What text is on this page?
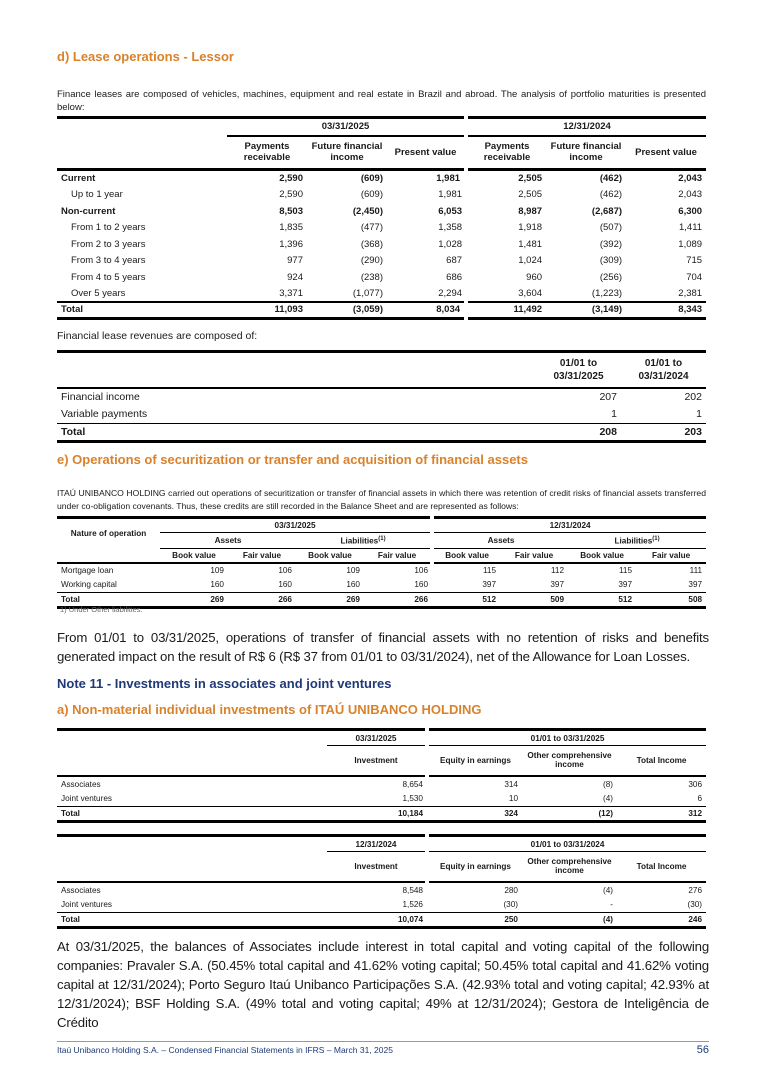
d) Lease operations - Lessor
Finance leases are composed of vehicles, machines, equipment and real estate in Brazil and abroad. The analysis of portfolio maturities is presented below:
	03/31/2025			12/31/2024		
	Payments receivable	Future financial income	Present value	Payments receivable	Future financial income	Present value
Current	2,590	(609)	1,981	2,505	(462)	2,043
Up to 1 year	2,590	(609)	1,981	2,505	(462)	2,043
Non-current	8,503	(2,450)	6,053	8,987	(2,687)	6,300
From 1 to 2 years	1,835	(477)	1,358	1,918	(507)	1,411
From 2 to 3 years	1,396	(368)	1,028	1,481	(392)	1,089
From 3 to 4 years	977	(290)	687	1,024	(309)	715
From 4 to 5 years	924	(238)	686	960	(256)	704
Over 5 years	3,371	(1,077)	2,294	3,604	(1,223)	2,381
Total	11,093	(3,059)	8,034	11,492	(3,149)	8,343
Financial lease revenues are composed of:
	01/01 to 03/31/2025	01/01 to 03/31/2024
Financial income	207	202
Variable payments	1	1
Total	208	203
e) Operations of securitization or transfer and acquisition of financial assets
ITAÚ UNIBANCO HOLDING carried out operations of securitization or transfer of financial assets in which there was retention of credit risks of financial assets transferred under co-obligation covenants. Thus, these credits are still recorded in the Balance Sheet and are represented as follows:
Nature of operation	03/31/2025				12/31/2024			
	Assets		Liabilities$^{(1)}$		Assets		Liabilities$^{(1)}$
	Book value	Fair value	Book value	Fair value	Book value	Fair value	Book value	Fair value
Mortgage loan	109	106	109	106	115	112	115	111
Working capital	160	160	160	160	397	397	397	397
Total	269	266	269	266	512	509	512	508
1) Under Other liabilities.
From 01/01 to 03/31/2025, operations of transfer of financial assets with no retention of risks and benefits generated impact on the result of R$ 6 (R$ 37 from 01/01 to 03/31/2024), net of the Allowance for Loan Losses.
Note 11 - Investments in associates and joint ventures
a) Non-material individual investments of ITAÚ UNIBANCO HOLDING
	03/31/2025	01/01 to 03/31/2025		
	Investment	Equity in earnings	Other comprehensive income	Total Income
Associates	8,654	314	(8)	306
Joint ventures	1,530	10	(4)	6
Total	10,184	324	(12)	312
	12/31/2024	01/01 to 03/31/2024		
	Investment	Equity in earnings	Other comprehensive income	Total Income
Associates	8,548	280	(4)	276
Joint ventures	1,526	(30)	-	(30)
Total	10,074	250	(4)	246
At 03/31/2025, the balances of Associates include interest in total capital and voting capital of the following companies: Pravaler S.A. (50.45% total capital and 41.62% voting capital; 50.45% total capital and 41.62% voting capital at 12/31/2024); Porto Seguro Itaú Unibanco Participações S.A. (42.93% total and voting capital; 42.93% at 12/31/2024); BSF Holding S.A. (49% total and voting capital; 49% at 12/31/2024); Gestora de Inteligência de Crédito
Itaú Unibanco Holding S.A. – Condensed Financial Statements in IFRS – March 31, 2025	56
